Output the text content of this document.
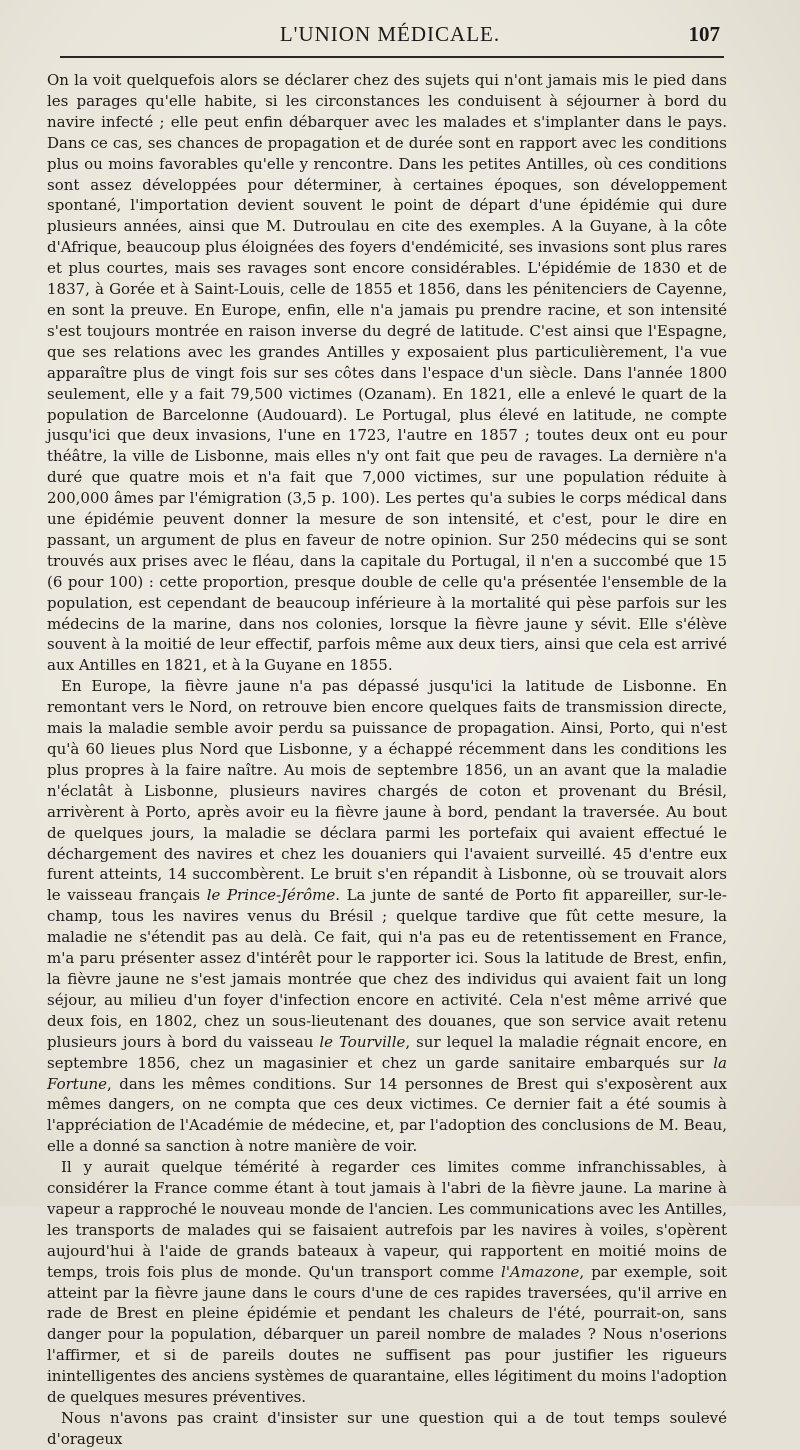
L'UNION MÉDICALE.	107

On la voit quelquefois alors se déclarer chez des sujets qui n'ont jamais mis le pied dans les parages qu'elle habite, si les circonstances les conduisent à séjourner à bord du navire infecté ; elle peut enfin débarquer avec les malades et s'implanter dans le pays. Dans ce cas, ses chances de propagation et de durée sont en rapport avec les conditions plus ou moins favorables qu'elle y rencontre. Dans les petites Antilles, où ces conditions sont assez développées pour déterminer, à certaines époques, son développement spontané, l'importation devient souvent le point de départ d'une épidémie qui dure plusieurs années, ainsi que M. Dutroulau en cite des exemples. A la Guyane, à la côte d'Afrique, beaucoup plus éloignées des foyers d'endémicité, ses invasions sont plus rares et plus courtes, mais ses ravages sont encore considérables. L'épidémie de 1830 et de 1837, à Gorée et à Saint-Louis, celle de 1855 et 1856, dans les pénitenciers de Cayenne, en sont la preuve. En Europe, enfin, elle n'a jamais pu prendre racine, et son intensité s'est toujours montrée en raison inverse du degré de latitude. C'est ainsi que l'Espagne, que ses relations avec les grandes Antilles y exposaient plus particulièrement, l'a vue apparaître plus de vingt fois sur ses côtes dans l'espace d'un siècle. Dans l'année 1800 seulement, elle y a fait 79,500 victimes (Ozanam). En 1821, elle a enlevé le quart de la population de Barcelonne (Audouard). Le Portugal, plus élevé en latitude, ne compte jusqu'ici que deux invasions, l'une en 1723, l'autre en 1857 ; toutes deux ont eu pour théâtre, la ville de Lisbonne, mais elles n'y ont fait que peu de ravages. La dernière n'a duré que quatre mois et n'a fait que 7,000 victimes, sur une population réduite à 200,000 âmes par l'émigration (3,5 p. 100). Les pertes qu'a subies le corps médical dans une épidémie peuvent donner la mesure de son intensité, et c'est, pour le dire en passant, un argument de plus en faveur de notre opinion. Sur 250 médecins qui se sont trouvés aux prises avec le fléau, dans la capitale du Portugal, il n'en a succombé que 15 (6 pour 100) : cette proportion, presque double de celle qu'a présentée l'ensemble de la population, est cependant de beaucoup inférieure à la mortalité qui pèse parfois sur les médecins de la marine, dans nos colonies, lorsque la fièvre jaune y sévit. Elle s'élève souvent à la moitié de leur effectif, parfois même aux deux tiers, ainsi que cela est arrivé aux Antilles en 1821, et à la Guyane en 1855.

En Europe, la fièvre jaune n'a pas dépassé jusqu'ici la latitude de Lisbonne. En remontant vers le Nord, on retrouve bien encore quelques faits de transmission directe, mais la maladie semble avoir perdu sa puissance de propagation. Ainsi, Porto, qui n'est qu'à 60 lieues plus Nord que Lisbonne, y a échappé récemment dans les conditions les plus propres à la faire naître. Au mois de septembre 1856, un an avant que la maladie n'éclatât à Lisbonne, plusieurs navires chargés de coton et provenant du Brésil, arrivèrent à Porto, après avoir eu la fièvre jaune à bord, pendant la traversée. Au bout de quelques jours, la maladie se déclara parmi les portefaix qui avaient effectué le déchargement des navires et chez les douaniers qui l'avaient surveillé. 45 d'entre eux furent atteints, 14 succombèrent. Le bruit s'en répandit à Lisbonne, où se trouvait alors le vaisseau français le Prince-Jérôme. La junte de santé de Porto fit appareiller, sur-le-champ, tous les navires venus du Brésil ; quelque tardive que fût cette mesure, la maladie ne s'étendit pas au delà. Ce fait, qui n'a pas eu de retentissement en France, m'a paru présenter assez d'intérêt pour le rapporter ici. Sous la latitude de Brest, enfin, la fièvre jaune ne s'est jamais montrée que chez des individus qui avaient fait un long séjour, au milieu d'un foyer d'infection encore en activité. Cela n'est même arrivé que deux fois, en 1802, chez un sous-lieutenant des douanes, que son service avait retenu plusieurs jours à bord du vaisseau le Tourville, sur lequel la maladie régnait encore, en septembre 1856, chez un magasinier et chez un garde sanitaire embarqués sur la Fortune, dans les mêmes conditions. Sur 14 personnes de Brest qui s'exposèrent aux mêmes dangers, on ne compta que ces deux victimes. Ce dernier fait a été soumis à l'appréciation de l'Académie de médecine, et, par l'adoption des conclusions de M. Beau, elle a donné sa sanction à notre manière de voir.

Il y aurait quelque témérité à regarder ces limites comme infranchissables, à considérer la France comme étant à tout jamais à l'abri de la fièvre jaune. La marine à vapeur a rapproché le nouveau monde de l'ancien. Les communications avec les Antilles, les transports de malades qui se faisaient autrefois par les navires à voiles, s'opèrent aujourd'hui à l'aide de grands bateaux à vapeur, qui rapportent en moitié moins de temps, trois fois plus de monde. Qu'un transport comme l'Amazone, par exemple, soit atteint par la fièvre jaune dans le cours d'une de ces rapides traversées, qu'il arrive en rade de Brest en pleine épidémie et pendant les chaleurs de l'été, pourrait-on, sans danger pour la population, débarquer un pareil nombre de malades ? Nous n'oserions l'affirmer, et si de pareils doutes ne suffisent pas pour justifier les rigueurs inintelligentes des anciens systèmes de quarantaine, elles légitiment du moins l'adoption de quelques mesures préventives.

Nous n'avons pas craint d'insister sur une question qui a de tout temps soulevé d'orageux
